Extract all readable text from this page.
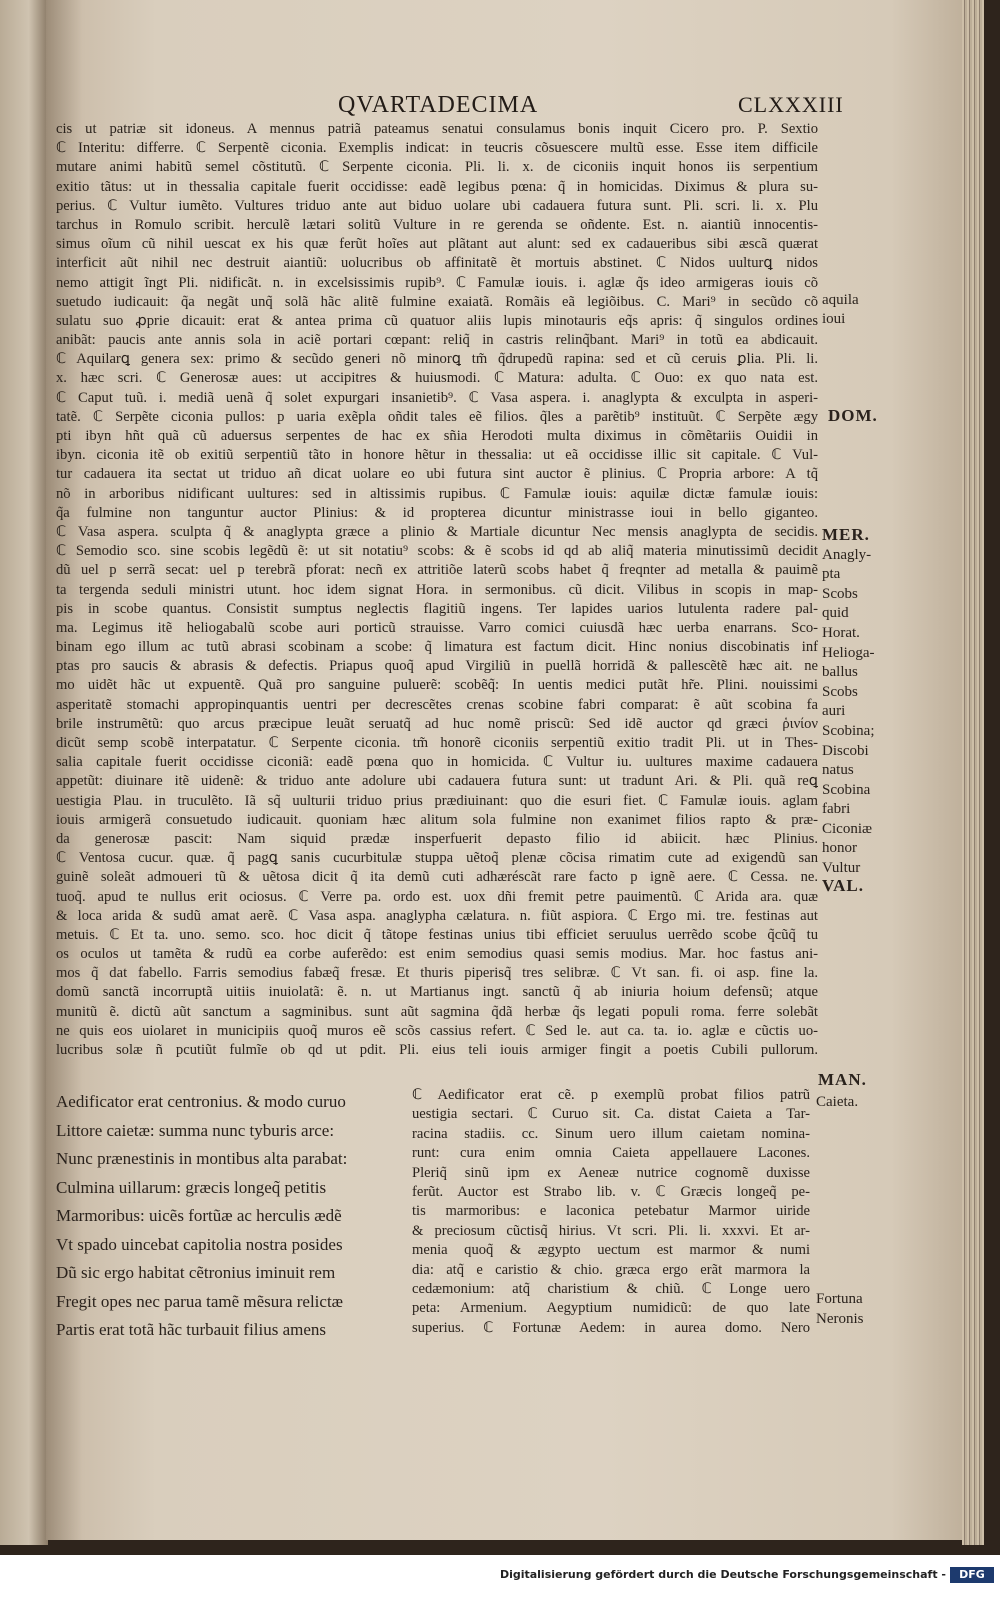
QVARTADECIMA	CLXXXIII
cis ut patriæ sit idoneus. A mennus patriã pateamus senatui consulamus bonis inquit Cicero pro. P. Sextio
ℂ Interitu: differre. ℂ Serpentẽ ciconia. Exemplis indicat: in teucris cõsuescere multũ esse. Esse item difficile
mutare animi habitũ semel cõstitutũ. ℂ Serpente ciconia. Pli. li. x. de ciconiis inquit honos iis serpentium
exitio tãtus: ut in thessalia capitale fuerit occidisse: eadẽ legibus pœna: q̃ in homicidas. Diximus & plura su-
perius. ℂ Vultur iumẽto. Vultures triduo ante aut biduo uolare ubi cadauera futura sunt. Pli. scri. li. x. Plu
tarchus in Romulo scribit. herculẽ lætari solitũ Vulture in re gerenda se oñdente. Est. n. aiantiũ innocentis-
simus oĩum cũ nihil uescat ex his quæ ferũt hoĩes aut plãtant aut alunt: sed ex cadaueribus sibi æscã quærat
interficit aũt nihil nec destruit aiantiũ: uolucribus ob affinitatẽ ẽt mortuis abstinet. ℂ Nidos uulturꝗ nidos
nemo attigit ĩngt Pli. nidificãt. n. in excelsissimis rupib⁹. ℂ Famulæ iouis. i. aglæ q̃s ideo armigeras iouis cõ
suetudo iudicauit: q̃a negãt unq̃ solã hãc alitẽ fulmine exaiatã. Romãis eã legiõibus. C. Mari⁹ in secũdo cõ
sulatu suo ꝓprie dicauit: erat & antea prima cũ quatuor aliis lupis minotauris eq̃s apris: q̃ singulos ordines
anibãt: paucis ante annis sola in aciẽ portari cœpant: reliq̃ in castris relinq̃bant. Mari⁹ in totũ ea abdicauit.
ℂ Aquilarꝗ genera sex: primo & secũdo generi nõ minorꝗ tm̃ q̃drupedũ rapina: sed et cũ ceruis ꝑlia. Pli. li.
x. hæc scri. ℂ Generosæ aues: ut accipitres & huiusmodi. ℂ Matura: adulta. ℂ Ouo: ex quo nata est.
ℂ Caput tuũ. i. mediã uenã q̃ solet expurgari insanietib⁹. ℂ Vasa aspera. i. anaglypta & exculpta in asperi-
tatẽ. ℂ Serpẽte ciconia pullos: p uaria exẽpla oñdit tales eẽ filios. q̃les a parẽtib⁹ instituũt. ℂ Serpẽte ægy
pti ibyn hñt quã cũ aduersus serpentes de hac ex sñia Herodoti multa diximus in cõmẽtariis Ouidii in
ibyn. ciconia itẽ ob exitiũ serpentiũ tãto in honore hẽtur in thessalia: ut eã occidisse illic sit capitale. ℂ Vul-
tur cadauera ita sectat ut triduo añ dicat uolare eo ubi futura sint auctor ẽ plinius. ℂ Propria arbore: A tq̃
nõ in arboribus nidificant uultures: sed in altissimis rupibus. ℂ Famulæ iouis: aquilæ dictæ famulæ iouis:
q̃a fulmine non tanguntur auctor Plinius: & id propterea dicuntur ministrasse ioui in bello giganteo.
ℂ Vasa aspera. sculpta q̃ & anaglypta græce a plinio & Martiale dicuntur Nec mensis anaglypta de secidis.
ℂ Semodio sco. sine scobis legẽdũ ẽ: ut sit notatiu⁹ scobs: & ẽ scobs id qd ab aliq̃ materia minutissimũ decidit
dũ uel p serrã secat: uel p terebrã pforat: necñ ex attritiõe laterũ scobs habet q̃ freqnter ad metalla & pauimẽ
ta tergenda seduli ministri utunt. hoc idem signat Hora. in sermonibus. cũ dicit. Vilibus in scopis in map-
pis in scobe quantus. Consistit sumptus neglectis flagitiũ ingens. Ter lapides uarios lutulenta radere pal-
ma. Legimus itẽ heliogabalũ scobe auri porticũ strauisse. Varro comici cuiusdã hæc uerba enarrans. Sco-
binam ego illum ac tutũ abrasi scobinam a scobe: q̃ limatura est factum dicit. Hinc nonius discobinatis inf
ptas pro saucis & abrasis & defectis. Priapus quoq̃ apud Virgiliũ in puellã horridã & pallescẽtẽ hæc ait. ne
mo uidẽt hãc ut expuentẽ. Quã pro sanguine puluerẽ: scobẽq̃: In uentis medici putãt hr̃e. Plini. nouissimi
asperitatẽ stomachi appropinquantis uentri per decrescẽtes crenas scobine fabri comparat: ẽ aũt scobina fa
brile instrumẽtũ: quo arcus præcipue leuãt seruatq̃ ad huc nomẽ priscũ: Sed idẽ auctor qd græci ῥινίον
dicũt semp scobẽ interpatatur. ℂ Serpente ciconia. tm̃ honorẽ ciconiis serpentiũ exitio tradit Pli. ut in Thes-
salia capitale fuerit occidisse ciconiã: eadẽ pœna quo in homicida. ℂ Vultur iu. uultures maxime cadauera
appetũt: diuinare itẽ uidenẽ: & triduo ante adolure ubi cadauera futura sunt: ut tradunt Ari. & Pli. quã reꝗ
uestigia Plau. in truculẽto. Iã sq̃ uulturii triduo prius prædiuinant: quo die esuri fiet. ℂ Famulæ iouis. aglam
iouis armigerã consuetudo iudicauit. quoniam hæc alitum sola fulmine non exanimet filios rapto & præ-
da generosæ pascit: Nam siquid prædæ insperfuerit depasto filio id abiicit. hæc Plinius.
ℂ Ventosa cucur. quæ. q̃ pagꝗ sanis cucurbitulæ stuppa uẽtoq̃ plenæ cõcisa rimatim cute ad exigendũ san
guinẽ soleãt admoueri tũ & uẽtosa dicit q̃ ita demũ cuti adhæréscãt rare facto p ignẽ aere. ℂ Cessa. ne.
tuoq̃. apud te nullus erit ociosus. ℂ Verre pa. ordo est. uox dñi fremit petre pauimentũ. ℂ Arida ara. quæ
& loca arida & sudũ amat aerẽ. ℂ Vasa aspa. anaglypha cælatura. n. fiũt aspiora. ℂ Ergo mi. tre. festinas aut
metuis. ℂ Et ta. uno. semo. sco. hoc dicit q̃ tãtope festinas unius tibi efficiet seruulus uerrẽdo scobe q̃cũq̃ tu
os oculos ut tamẽta & rudũ ea corbe auferẽdo: est enim semodius quasi semis modius. Mar. hoc fastus ani-
mos q̃ dat fabello. Farris semodius fabæq̃ fresæ. Et thuris piperisq̃ tres selibræ. ℂ Vt san. fi. oi asp. fine la.
domũ sanctã incorruptã uitiis inuiolatã: ẽ. n. ut Martianus ingt. sanctũ q̃ ab iniuria hoium defensũ; atque
munitũ ẽ. dictũ aũt sanctum a sagminibus. sunt aũt sagmina q̃dã herbæ q̃s legati populi roma. ferre solebãt
ne quis eos uiolaret in municipiis quoq̃ muros eẽ scõs cassius refert. ℂ Sed le. aut ca. ta. io. aglæ e cũctis uo-
lucribus solæ ñ pcutiũt fulmĩe ob qd ut pdit. Pli. eius teli iouis armiger fingit a poetis Cubili pullorum.
Aedificator erat centronius. & modo curuo
Littore caietæ: summa nunc tyburis arce:
Nunc prænestinis in montibus alta parabat:
Culmina uillarum: græcis longeq̃ petitis
Marmoribus: uicẽs fortũæ ac herculis ædẽ
Vt spado uincebat capitolia nostra posides
Dũ sic ergo habitat cẽtronius iminuit rem
Fregit opes nec parua tamẽ mẽsura relictæ
Partis erat totã hãc turbauit filius amens
ℂ Aedificator erat cẽ. p exemplũ probat filios patrũ
uestigia sectari. ℂ Curuo sit. Ca. distat Caieta a Tar-
racina stadiis. cc. Sinum uero illum caietam nomina-
runt: cura enim omnia Caieta appellauere Lacones.
Pleriq̃ sinũ ipm ex Aeneæ nutrice cognomẽ duxisse
ferũt. Auctor est Strabo lib. v. ℂ Græcis longeq̃ pe-
tis marmoribus: e laconica petebatur Marmor uiride
& preciosum cũctisq̃ hirius. Vt scri. Pli. li. xxxvi. Et ar-
menia quoq̃ & ægypto uectum est marmor & numi
dia: atq̃ e caristio & chio. græca ergo erãt marmora la
cedæmonium: atq̃ charistium & chiũ. ℂ Longe uero
peta: Armenium. Aegyptium numidicũ: de quo late
superius. ℂ Fortunæ Aedem: in aurea domo. Nero
aquila
ioui
DOM.
MER.
Anagly-
pta
Scobs
quid
Horat.
Helioga-
ballus
Scobs
auri
Scobina;
Discobi
natus
Scobina
fabri
Ciconiæ
honor
Vultur
VAL.
MAN.
Caieta.
Fortuna
Neronis
Digitalisierung gefördert durch die Deutsche Forschungsgemeinschaft -	DFG
